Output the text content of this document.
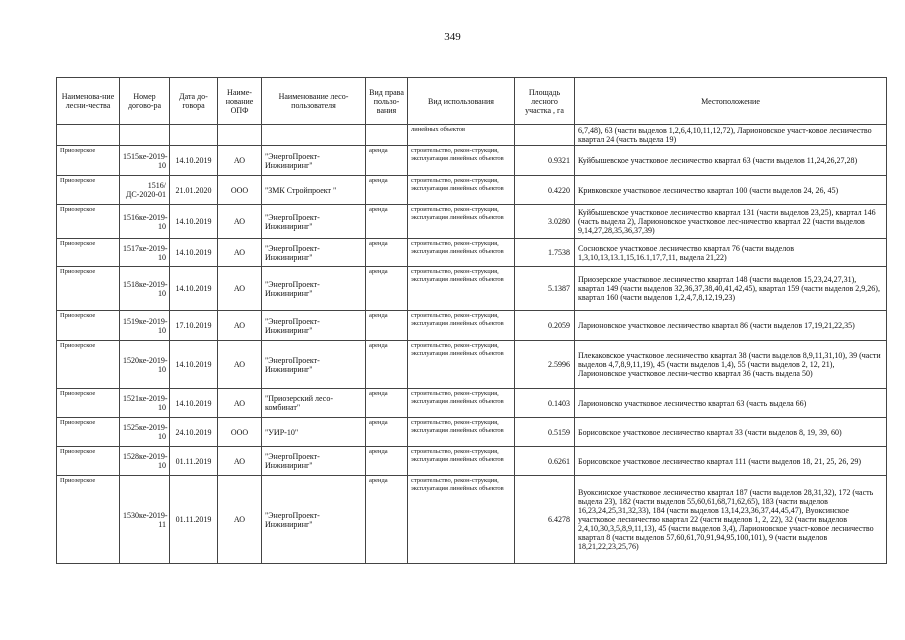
349
Наименова-ние лесни-чества	Номер догово-ра	Дата до-говора	Наиме-нование ОПФ	Наименование лесо-пользователя	Вид права пользо-вания	Вид использования	Площадь лесного участка , га	Местоположение
						линейных объектов		6,7,48), 63 (части выделов 1,2,6,4,10,11,12,72), Ларионовское участ-ковое лесничество квартал 24 (часть выдела 19)
Приозерское	1515ке-2019-10	14.10.2019	АО	"ЭнергоПроект-Инжиниринг"	аренда	строительство, рекон-струкция, эксплуатация линейных объектов	0.9321	Куйбышевское участковое лесничество квартал 63 (части выделов 11,24,26,27,28)
Приозерское	1516/ДС-2020-01	21.01.2020	ООО	"ЗМК Стройпроект "	аренда	строительство, рекон-струкция, эксплуатация линейных объектов	0.4220	Кривковское участковое лесничество квартал 100 (части выделов 24, 26, 45)
Приозерское	1516ке-2019-10	14.10.2019	АО	"ЭнергоПроект-Инжиниринг"	аренда	строительство, рекон-струкция, эксплуатация линейных объектов	3.0280	Куйбышевское участковое лесничество квартал 131 (части выделов 23,25), квартал 146 (часть выдела 2), Ларионовское участковое лес-ничество квартал 22 (части выделов 9,14,27,28,35,36,37,39)
Приозерское	1517ке-2019-10	14.10.2019	АО	"ЭнергоПроект-Инжиниринг"	аренда	строительство, рекон-струкция, эксплуатация линейных объектов	1.7538	Сосновское участковое лесничество квартал 76 (части выделов 1,3,10,13,13.1,15,16.1,17,7,11, выдела 21,22)
Приозерское	1518ке-2019-10	14.10.2019	АО	"ЭнергоПроект-Инжиниринг"	аренда	строительство, рекон-струкция, эксплуатация линейных объектов	5.1387	Приозерское участковое лесничество квартал 148 (части выделов 15,23,24,27,31), квартал 149 (части выделов 32,36,37,38,40,41,42,45), квартал 159 (части выделов 2,9,26), квартал 160 (части выделов 1,2,4,7,8,12,19,23)
Приозерское	1519ке-2019-10	17.10.2019	АО	"ЭнергоПроект-Инжиниринг"	аренда	строительство, рекон-струкция, эксплуатация линейных объектов	0.2059	Ларионовское участковое лесничество квартал 86 (части выделов 17,19,21,22,35)
Приозерское	1520ке-2019-10	14.10.2019	АО	"ЭнергоПроект-Инжиниринг"	аренда	строительство, рекон-струкция, эксплуатация линейных объектов	2.5996	Плекаковское участковое лесничество квартал 38 (части выделов 8,9,11,31,10), 39 (части выделов 4,7,8,9,11,19), 45 (части выделов 1,4), 55 (части выделов 2, 12, 21), Ларионовское участковое лесни-чество квартал 36 (часть выдела 50)
Приозерское	1521ке-2019-10	14.10.2019	АО	"Приозерский лесо-комбинат"	аренда	строительство, рекон-струкция, эксплуатация линейных объектов	0.1403	Ларионовско участковое лесничество квартал 63 (часть выдела 66)
Приозерское	1525ке-2019-10	24.10.2019	ООО	"УИР-10"	аренда	строительство, рекон-струкция, эксплуатация линейных объектов	0.5159	Борисовское участковое лесничество квартал 33 (части выделов 8, 19, 39, 60)
Приозерское	1528ке-2019-10	01.11.2019	АО	"ЭнергоПроект-Инжиниринг"	аренда	строительство, рекон-струкция, эксплуатация линейных объектов	0.6261	Борисовское участковое лесничество квартал 111 (части выделов 18, 21, 25, 26, 29)
Приозерское	1530ке-2019-11	01.11.2019	АО	"ЭнергоПроект-Инжиниринг"	аренда	строительство, рекон-струкция, эксплуатация линейных объектов	6.4278	Вуоксинское участковое лесничество квартал 187 (части выделов 28,31,32), 172 (часть выдела 23), 182 (части выделов 55,60,61,68,71,62,65), 183 (части выделов 16,23,24,25,31,32,33), 184 (части выделов 13,14,23,36,37,44,45,47), Вуоксинское участковое лесничество квартал 22 (части выделов 1, 2, 22), 32 (части выделов 2,4,10,30,3,5,8,9,11,13), 45 (части выделов 3,4), Ларионовское участ-ковое лесничество квартал 8 (части выделов 57,60,61,70,91,94,95,100,101), 9 (части выделов 18,21,22,23,25,76)
